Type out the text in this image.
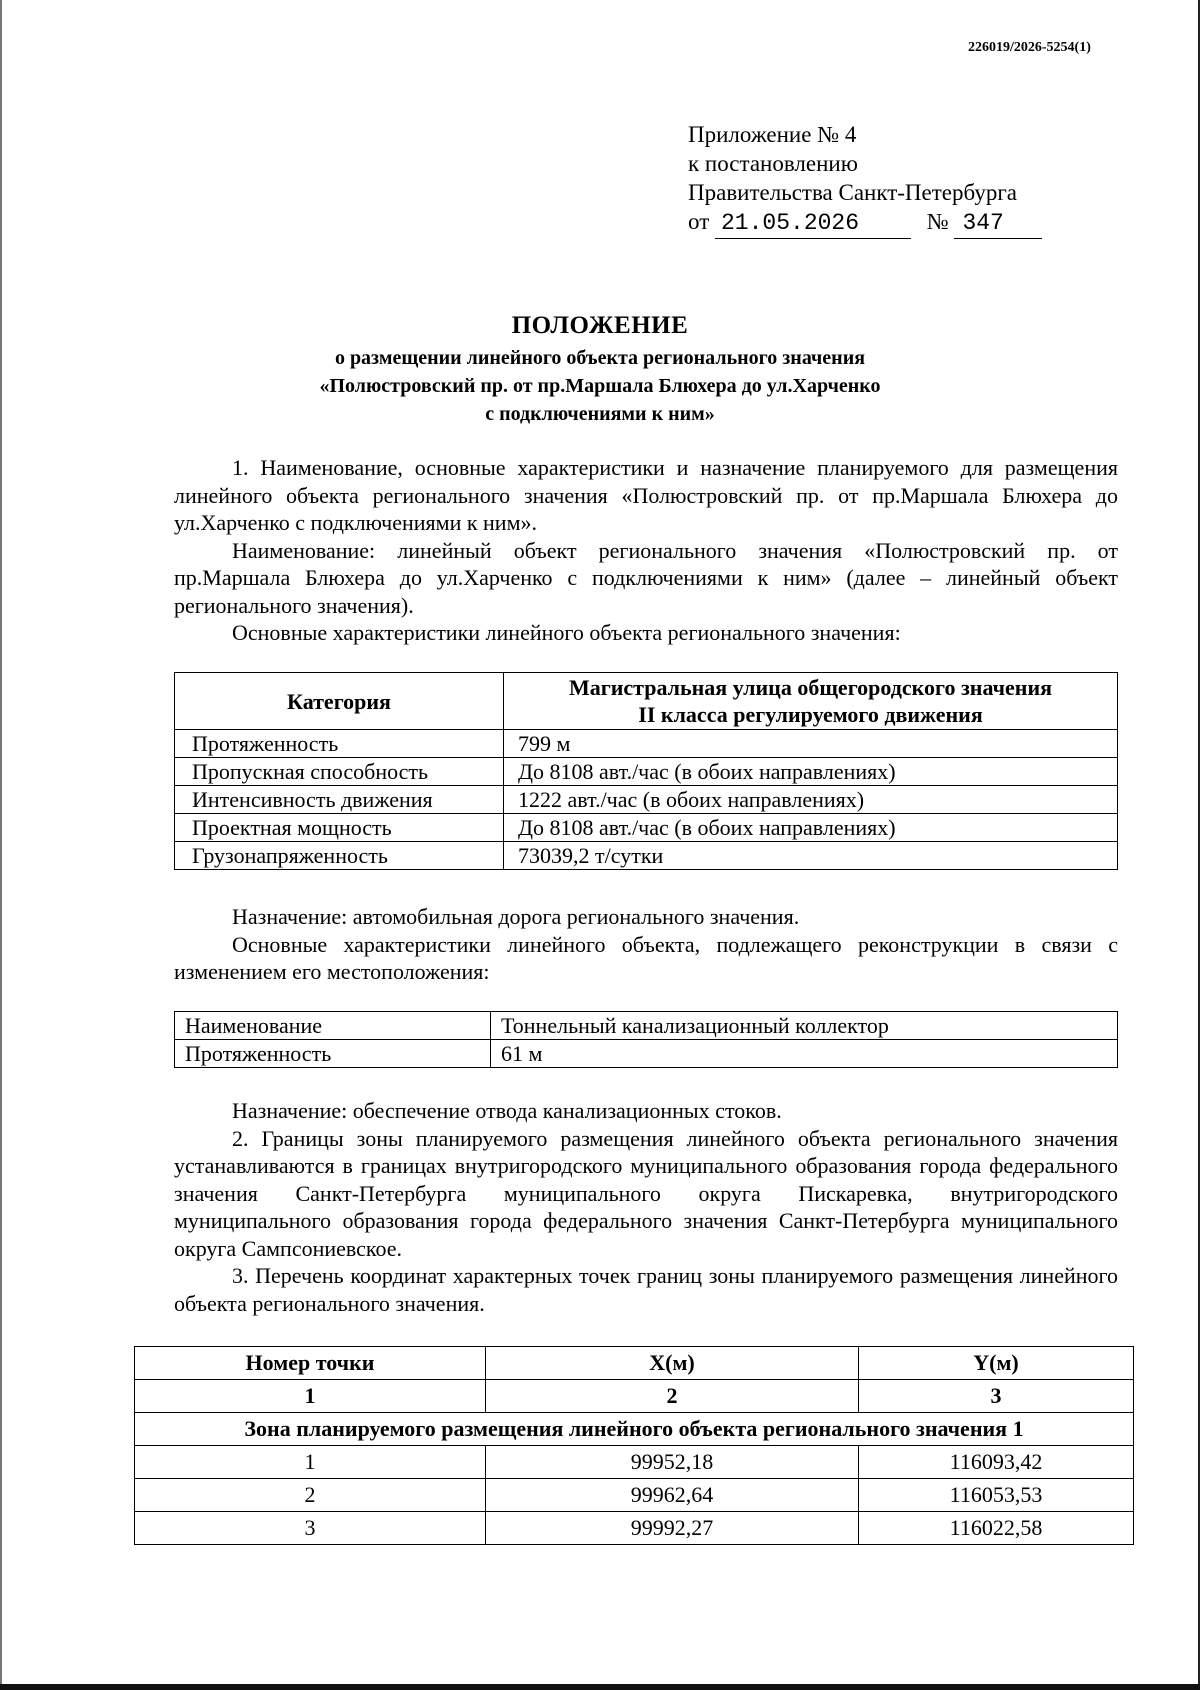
226019/2026-5254(1)
Приложение № 4
к постановлению
Правительства Санкт-Петербурга
от 21.05.2026	№ 347
ПОЛОЖЕНИЕ
о размещении линейного объекта регионального значения
«Полюстровский пр. от пр.Маршала Блюхера до ул.Харченко
с подключениями к ним»

1. Наименование, основные характеристики и назначение планируемого для размещения линейного объекта регионального значения «Полюстровский пр. от пр.Маршала Блюхера до ул.Харченко с подключениями к ним».

Наименование: линейный объект регионального значения «Полюстровский пр. от пр.Маршала Блюхера до ул.Харченко с подключениями к ним» (далее – линейный объект регионального значения).

Основные характеристики линейного объекта регионального значения:

Категория	Магистральная улица общегородского значения
II класса регулируемого движения

Протяженность	799 м
Пропускная способность	До 8108 авт./час (в обоих направлениях)
Интенсивность движения	1222 авт./час (в обоих направлениях)
Проектная мощность	До 8108 авт./час (в обоих направлениях)
Грузонапряженность	73039,2 т/сутки

Назначение: автомобильная дорога регионального значения.

Основные характеристики линейного объекта, подлежащего реконструкции в связи с изменением его местоположения:

Наименование	Тоннельный канализационный коллектор
Протяженность	61 м

Назначение: обеспечение отвода канализационных стоков.

2. Границы зоны планируемого размещения линейного объекта регионального значения устанавливаются в границах внутригородского муниципального образования города федерального значения Санкт-Петербурга муниципального округа Пискаревка, внутригородского муниципального образования города федерального значения Санкт-Петербурга муниципального округа Сампсониевское.

3. Перечень координат характерных точек границ зоны планируемого размещения линейного объекта регионального значения.

Номер точки	X(м)	Y(м)
1	2	3
Зона планируемого размещения линейного объекта регионального значения 1		
1	99952,18	116093,42
2	99962,64	116053,53
3	99992,27	116022,58
